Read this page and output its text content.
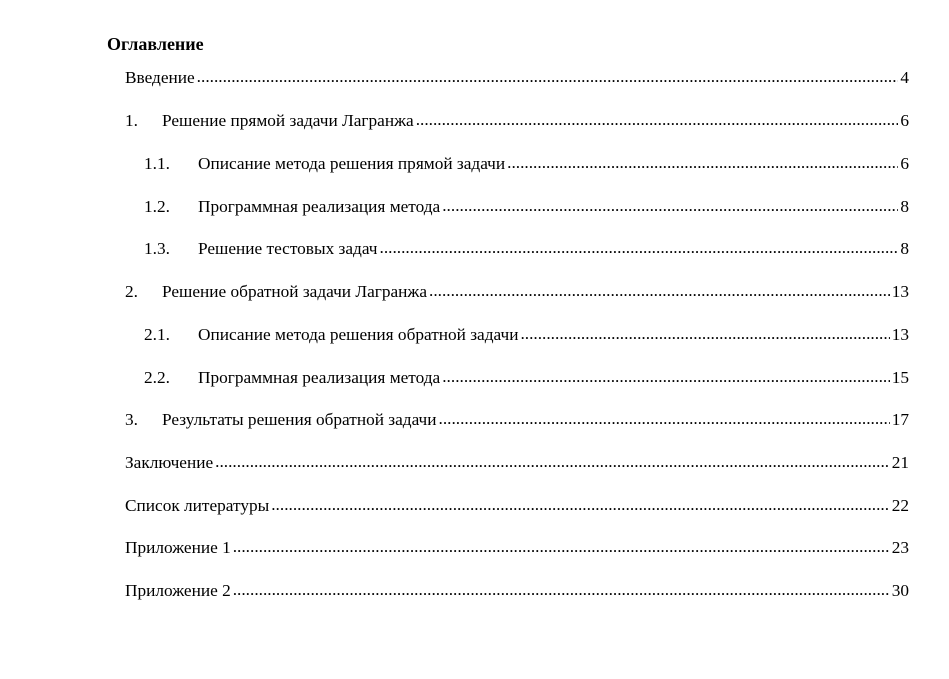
Оглавление
Введение .....	4
1.	Решение прямой задачи Лагранжа .....	6
1.1.	Описание метода решения прямой задачи .....	6
1.2.	Программная реализация метода .....	8
1.3.	Решение тестовых задач .....	8
2.	Решение обратной задачи Лагранжа .....	13
2.1.	Описание метода решения обратной задачи .....	13
2.2.	Программная реализация метода .....	15
3.	Результаты решения обратной задачи .....	17
Заключение .....	21
Список литературы .....	22
Приложение 1 .....	23
Приложение 2 .....	30
